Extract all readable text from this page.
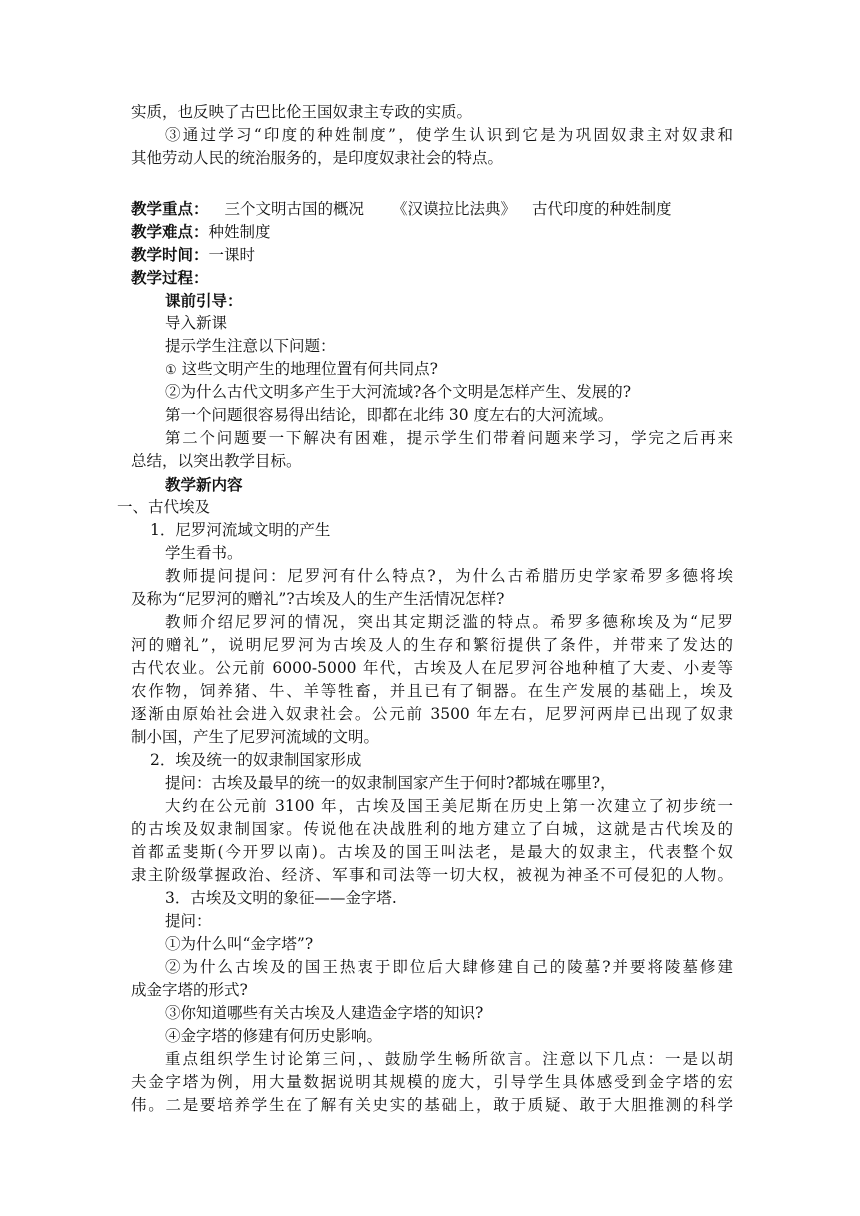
实质，也反映了古巴比伦王国奴隶主专政的实质。
③通过学习“印度的种姓制度”，使学生认识到它是为巩固奴隶主对奴隶和
其他劳动人民的统治服务的，是印度奴隶社会的特点。
教学重点： 三个文明古国的概况 《汉谟拉比法典》 古代印度的种姓制度
教学难点：种姓制度
教学时间：一课时
教学过程：
课前引导：
导入新课
提示学生注意以下问题：
① 这些文明产生的地理位置有何共同点?
②为什么古代文明多产生于大河流域?各个文明是怎样产生、发展的?
第一个问题很容易得出结论，即都在北纬 30 度左右的大河流域。
第二个问题要一下解决有困难，提示学生们带着问题来学习，学完之后再来
总结，以突出教学目标。
教学新内容
一、古代埃及
1．尼罗河流域文明的产生
学生看书。
教师提问提问：尼罗河有什么特点?，为什么古希腊历史学家希罗多德将埃
及称为“尼罗河的赠礼”?古埃及人的生产生活情况怎样?
教师介绍尼罗河的情况，突出其定期泛滥的特点。希罗多德称埃及为“尼罗
河的赠礼”，说明尼罗河为古埃及人的生存和繁衍提供了条件，并带来了发达的
古代农业。公元前 6000-5000 年代，古埃及人在尼罗河谷地种植了大麦、小麦等
农作物，饲养猪、牛、羊等牲畜，并且已有了铜器。在生产发展的基础上，埃及
逐渐由原始社会进入奴隶社会。公元前 3500 年左右，尼罗河两岸已出现了奴隶
制小国，产生了尼罗河流域的文明。
2．埃及统一的奴隶制国家形成
提问：古埃及最早的统一的奴隶制国家产生于何时?都城在哪里?，
大约在公元前 3100 年，古埃及国王美尼斯在历史上第一次建立了初步统一
的古埃及奴隶制国家。传说他在决战胜利的地方建立了白城，这就是古代埃及的
首都孟斐斯(今开罗以南)。古埃及的国王叫法老，是最大的奴隶主，代表整个奴
隶主阶级掌握政治、经济、军事和司法等一切大权，被视为神圣不可侵犯的人物。
3．古埃及文明的象征——金字塔.
提问：
①为什么叫“金字塔”?
②为什么古埃及的国王热衷于即位后大肆修建自己的陵墓?并要将陵墓修建
成金字塔的形式?
③你知道哪些有关古埃及人建造金字塔的知识?
④金字塔的修建有何历史影响。
重点组织学生讨论第三问，、鼓励学生畅所欲言。注意以下几点：一是以胡
夫金字塔为例，用大量数据说明其规模的庞大，引导学生具体感受到金字塔的宏
伟。二是要培养学生在了解有关史实的基础上，敢于质疑、敢于大胆推测的科学
